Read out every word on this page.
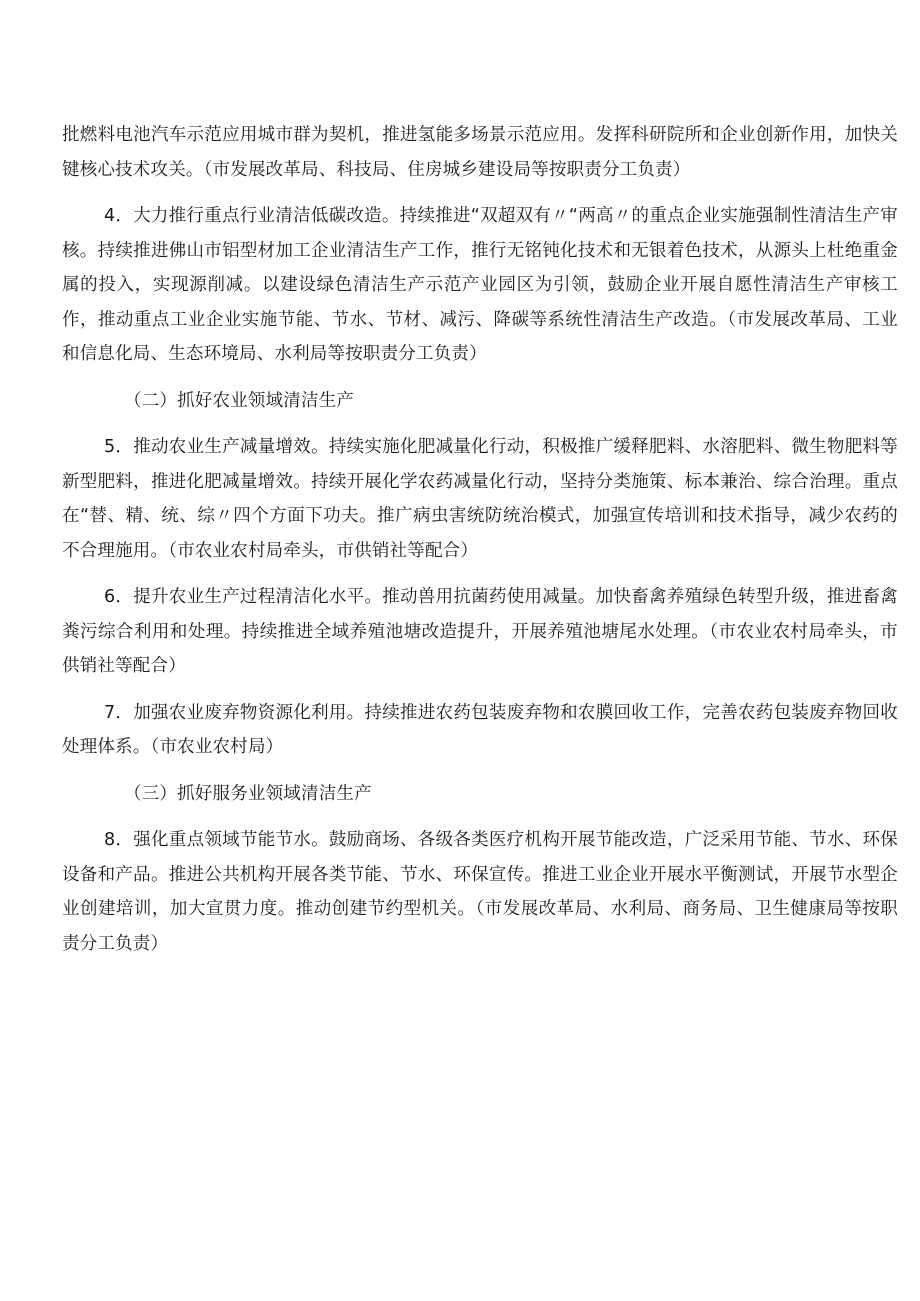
批燃料电池汽车示范应用城市群为契机，推进氢能多场景示范应用。发挥科研院所和企业创新作用，加快关键核心技术攻关。（市发展改革局、科技局、住房城乡建设局等按职责分工负责）

4．大力推行重点行业清洁低碳改造。持续推进“双超双有〃“两高〃的重点企业实施强制性清洁生产审核。持续推进佛山市铝型材加工企业清洁生产工作，推行无铭钝化技术和无银着色技术，从源头上杜绝重金属的投入，实现源削减。以建设绿色清洁生产示范产业园区为引领，鼓励企业开展自愿性清洁生产审核工作，推动重点工业企业实施节能、节水、节材、减污、降碳等系统性清洁生产改造。（市发展改革局、工业和信息化局、生态环境局、水利局等按职责分工负责）

（二）抓好农业领域清洁生产

5．推动农业生产减量增效。持续实施化肥减量化行动，积极推广缓释肥料、水溶肥料、微生物肥料等新型肥料，推进化肥减量增效。持续开展化学农药减量化行动，坚持分类施策、标本兼治、综合治理。重点在“替、精、统、综〃四个方面下功夫。推广病虫害统防统治模式，加强宣传培训和技术指导，减少农药的不合理施用。（市农业农村局牵头，市供销社等配合）

6．提升农业生产过程清洁化水平。推动兽用抗菌药使用减量。加快畜禽养殖绿色转型升级，推进畜禽粪污综合利用和处理。持续推进全域养殖池塘改造提升，开展养殖池塘尾水处理。（市农业农村局牵头，市供销社等配合）

7．加强农业废弃物资源化利用。持续推进农药包装废弃物和农膜回收工作，完善农药包装废弃物回收处理体系。（市农业农村局）

（三）抓好服务业领域清洁生产

8．强化重点领域节能节水。鼓励商场、各级各类医疗机构开展节能改造，广泛采用节能、节水、环保设备和产品。推进公共机构开展各类节能、节水、环保宣传。推进工业企业开展水平衡测试，开展节水型企业创建培训，加大宣贯力度。推动创建节约型机关。（市发展改革局、水利局、商务局、卫生健康局等按职责分工负责）
